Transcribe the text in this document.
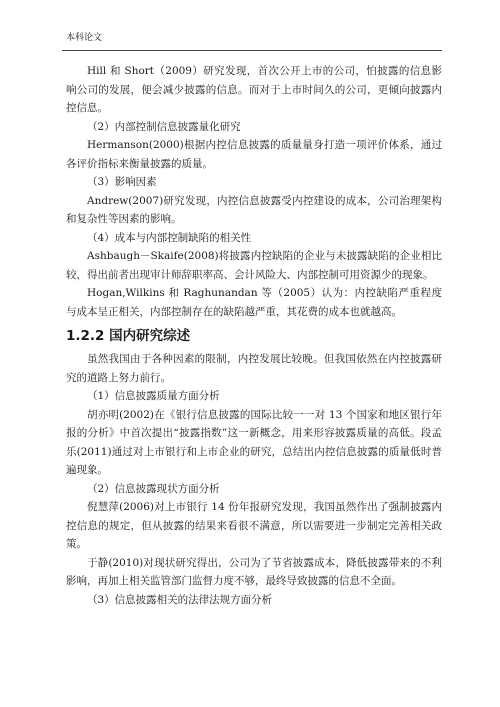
本科论文

Hill 和 Short（2009）研究发现，首次公开上市的公司，怕披露的信息影响公司的发展，便会减少披露的信息。而对于上市时间久的公司，更倾向披露内控信息。

（2）内部控制信息披露量化研究

Hermanson(2000)根据内控信息披露的质量量身打造一项评价体系，通过各评价指标来衡量披露的质量。

（3）影响因素

Andrew(2007)研究发现，内控信息披露受内控建设的成本，公司治理架构和复杂性等因素的影响。

（4）成本与内部控制缺陷的相关性

Ashbaugh－Skaife(2008)将披露内控缺陷的企业与未披露缺陷的企业相比较，得出前者出现审计师辞职率高、会计风险大、内部控制可用资源少的现象。

Hogan,Wilkins 和 Raghunandan 等（2005）认为：内控缺陷严重程度与成本呈正相关，内部控制存在的缺陷越严重，其花费的成本也就越高。

1.2.2 国内研究综述

虽然我国由于各种因素的限制，内控发展比较晚。但我国依然在内控披露研究的道路上努力前行。

（1）信息披露质量方面分析

胡亦明(2002)在《银行信息披露的国际比较一一对 13 个国家和地区银行年报的分析》中首次提出“披露指数”这一新概念，用来形容披露质量的高低。段孟乐(2011)通过对上市银行和上市企业的研究，总结出内控信息披露的质量低时普遍现象。

（2）信息披露现状方面分析

倪慧萍(2006)对上市银行 14 份年报研究发现，我国虽然作出了强制披露内控信息的规定，但从披露的结果来看很不满意，所以需要进一步制定完善相关政策。

于静(2010)对现状研究得出，公司为了节省披露成本，降低披露带来的不利影响，再加上相关监管部门监督力度不够，最终导致披露的信息不全面。

（3）信息披露相关的法律法规方面分析
